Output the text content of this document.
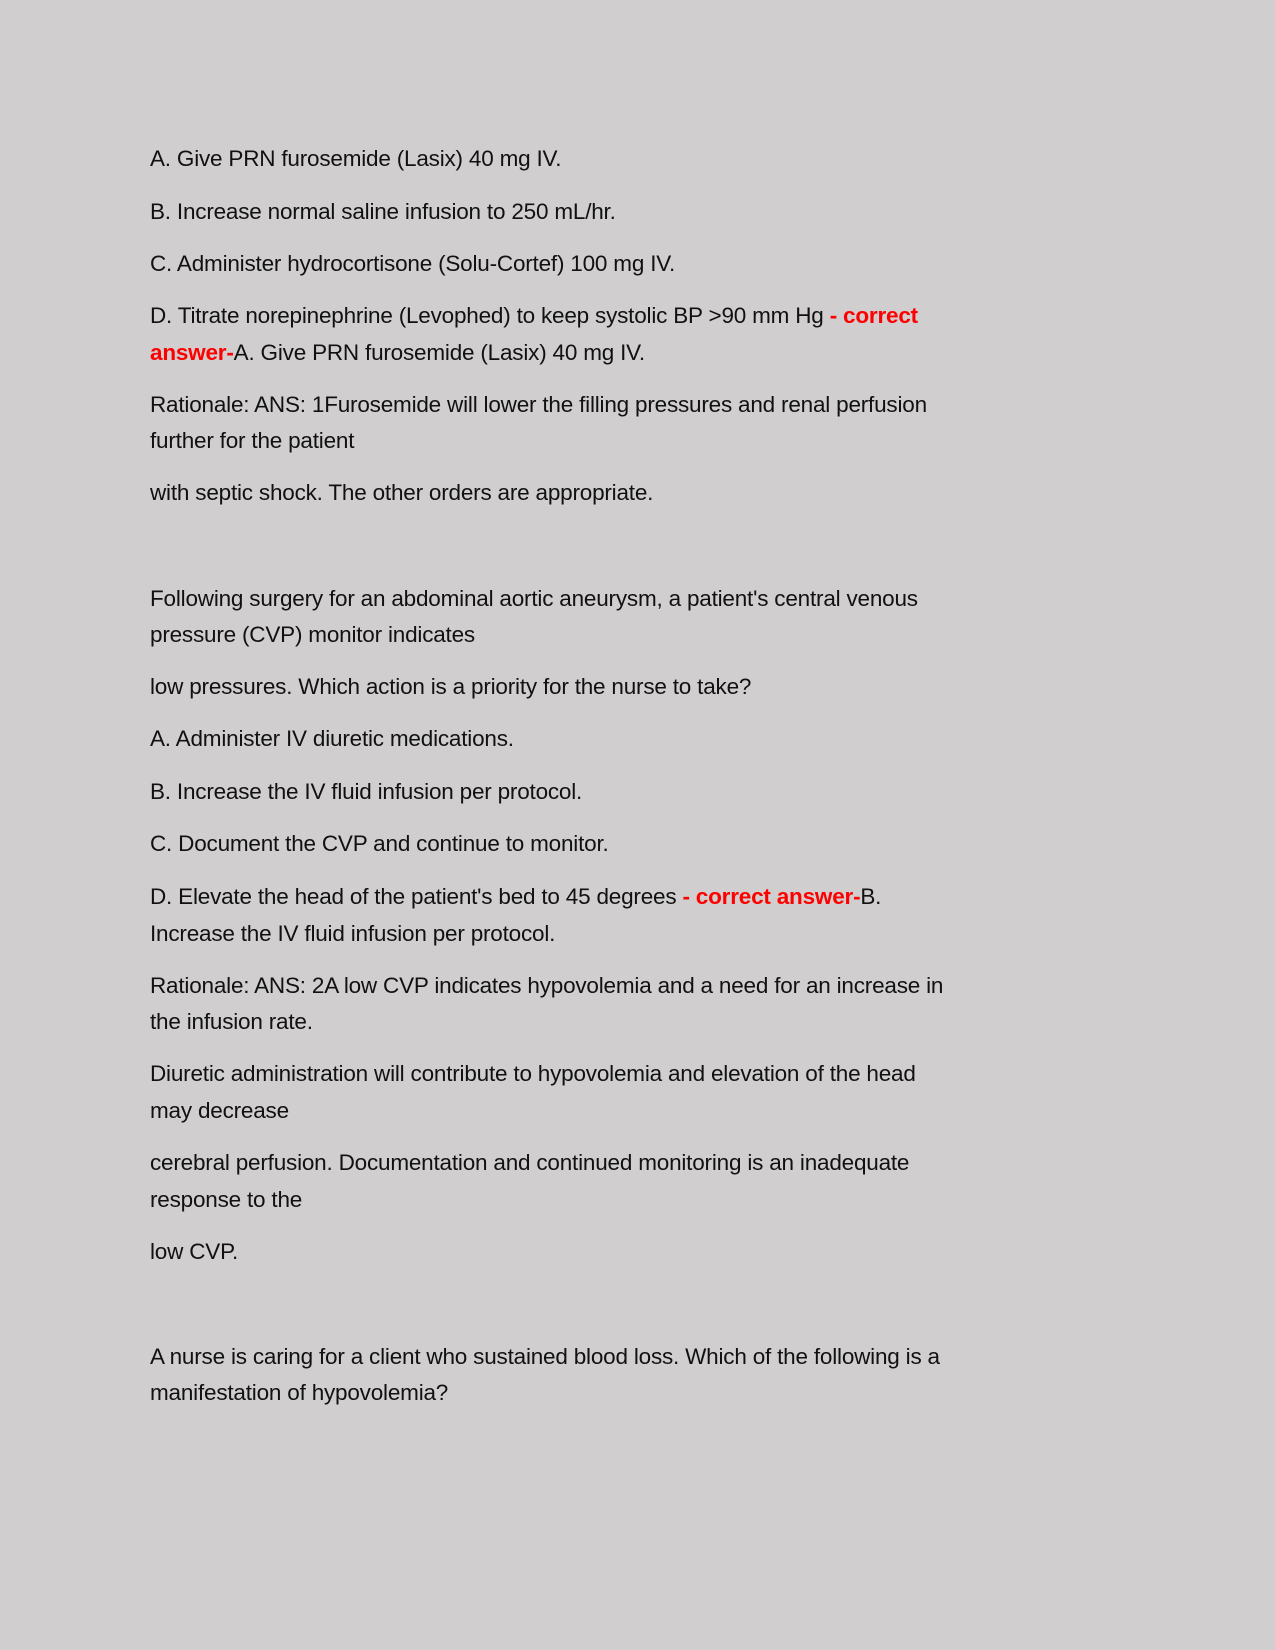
A. Give PRN furosemide (Lasix) 40 mg IV.
B. Increase normal saline infusion to 250 mL/hr.
C. Administer hydrocortisone (Solu-Cortef) 100 mg IV.
D. Titrate norepinephrine (Levophed) to keep systolic BP >90 mm Hg - correct
answer-A. Give PRN furosemide (Lasix) 40 mg IV.
Rationale: ANS: 1Furosemide will lower the filling pressures and renal perfusion
further for the patient
with septic shock. The other orders are appropriate.
Following surgery for an abdominal aortic aneurysm, a patient's central venous
pressure (CVP) monitor indicates
low pressures. Which action is a priority for the nurse to take?
A. Administer IV diuretic medications.
B. Increase the IV fluid infusion per protocol.
C. Document the CVP and continue to monitor.
D. Elevate the head of the patient's bed to 45 degrees - correct answer-B.
Increase the IV fluid infusion per protocol.
Rationale: ANS: 2A low CVP indicates hypovolemia and a need for an increase in
the infusion rate.
Diuretic administration will contribute to hypovolemia and elevation of the head
may decrease
cerebral perfusion. Documentation and continued monitoring is an inadequate
response to the
low CVP.
A nurse is caring for a client who sustained blood loss. Which of the following is a
manifestation of hypovolemia?
